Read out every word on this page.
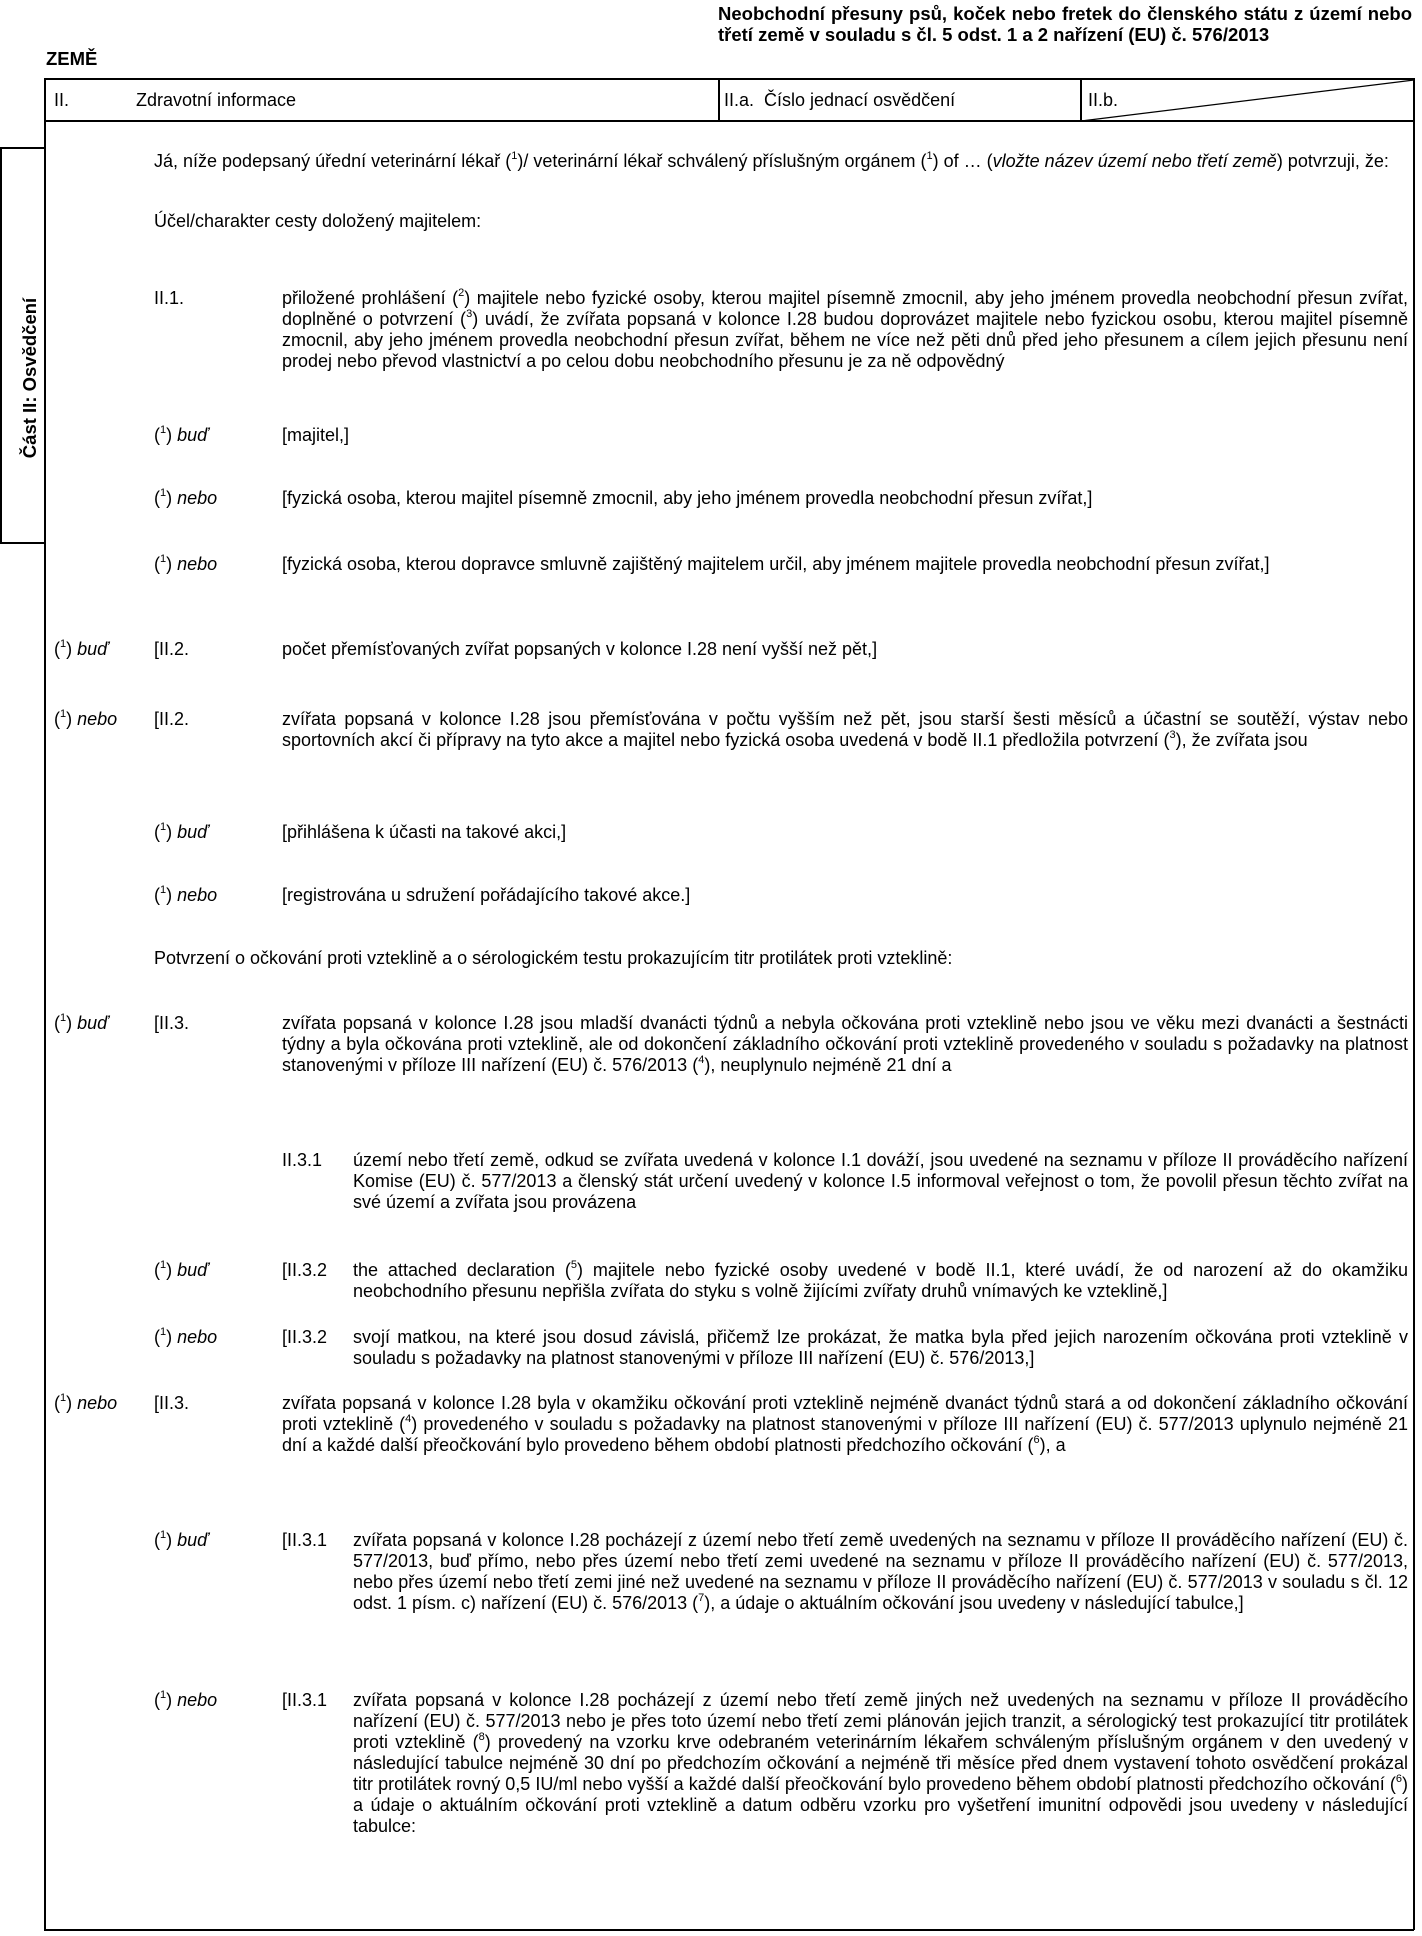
ZEMĚ
Neobchodní přesuny psů, koček nebo fretek do členského státu z území nebo třetí země v souladu s čl. 5 odst. 1 a 2 nařízení (EU) č. 576/2013
II.	Zdravotní informace	II.a.  Číslo jednací osvědčení	II.b.
Část II: Osvědčení
Já, níže podepsaný úřední veterinární lékař ($^1$)/ veterinární lékař schválený příslušným orgánem ($^1$) of … (vložte název území nebo třetí země) potvrzuji, že:
Účel/charakter cesty doložený majitelem:
II.1.	přiložené prohlášení ($^2$) majitele nebo fyzické osoby, kterou majitel písemně zmocnil, aby jeho jménem provedla neobchodní přesun zvířat, doplněné o potvrzení ($^3$) uvádí, že zvířata popsaná v kolonce I.28 budou doprovázet majitele nebo fyzickou osobu, kterou majitel písemně zmocnil, aby jeho jménem provedla neobchodní přesun zvířat, během ne více než pěti dnů před jeho přesunem a cílem jejich přesunu není prodej nebo převod vlastnictví a po celou dobu neobchodního přesunu je za ně odpovědný
($^1$) buď	[majitel,]
($^1$) nebo	[fyzická osoba, kterou majitel písemně zmocnil, aby jeho jménem provedla neobchodní přesun zvířat,]
($^1$) nebo	[fyzická osoba, kterou dopravce smluvně zajištěný majitelem určil, aby jménem majitele provedla neobchodní přesun zvířat,]
($^1$) buď	[II.2.	počet přemísťovaných zvířat popsaných v kolonce I.28 není vyšší než pět,]
($^1$) nebo [II.2.	zvířata popsaná v kolonce I.28 jsou přemísťována v počtu vyšším než pět, jsou starší šesti měsíců a účastní se soutěží, výstav nebo sportovních akcí či přípravy na tyto akce a majitel nebo fyzická osoba uvedená v bodě II.1 předložila potvrzení ($^3$), že zvířata jsou
($^1$) buď	[přihlášena k účasti na takové akci,]
($^1$) nebo	[registrována u sdružení pořádajícího takové akce.]
Potvrzení o očkování proti vzteklině a o sérologickém testu prokazujícím titr protilátek proti vzteklině:
($^1$) buď	[II.3.	zvířata popsaná v kolonce I.28 jsou mladší dvanácti týdnů a nebyla očkována proti vzteklině nebo jsou ve věku mezi dvanácti a šestnácti týdny a byla očkována proti vzteklině, ale od dokončení základního očkování proti vzteklině provedeného v souladu s požadavky na platnost stanovenými v příloze III nařízení (EU) č. 576/2013 ($^4$), neuplynulo nejméně 21 dní a
II.3.1 území nebo třetí země, odkud se zvířata uvedená v kolonce I.1 dováží, jsou uvedené na seznamu v příloze II prováděcího nařízení Komise (EU) č. 577/2013 a členský stát určení uvedený v kolonce I.5 informoval veřejnost o tom, že povolil přesun těchto zvířat na své území a zvířata jsou provázena
($^1$) buď	[II.3.2 the attached declaration ($^5$) majitele nebo fyzické osoby uvedené v bodě II.1, které uvádí, že od narození až do okamžiku neobchodního přesunu nepřišla zvířata do styku s volně žijícími zvířaty druhů vnímavých ke vzteklině,]
($^1$) nebo	[II.3.2 svojí matkou, na které jsou dosud závislá, přičemž lze prokázat, že matka byla před jejich narozením očkována proti vzteklině v souladu s požadavky na platnost stanovenými v příloze III nařízení (EU) č. 576/2013,]
($^1$) nebo [II.3.	zvířata popsaná v kolonce I.28 byla v okamžiku očkování proti vzteklině nejméně dvanáct týdnů stará a od dokončení základního očkování proti vzteklině ($^4$) provedeného v souladu s požadavky na platnost stanovenými v příloze III nařízení (EU) č. 577/2013 uplynulo nejméně 21 dní a každé další přeočkování bylo provedeno během období platnosti předchozího očkování ($^6$), a
($^1$) buď	[II.3.1 zvířata popsaná v kolonce I.28 pocházejí z území nebo třetí země uvedených na seznamu v příloze II prováděcího nařízení (EU) č. 577/2013, buď přímo, nebo přes území nebo třetí zemi uvedené na seznamu v příloze II prováděcího nařízení (EU) č. 577/2013, nebo přes území nebo třetí zemi jiné než uvedené na seznamu v příloze II prováděcího nařízení (EU) č. 577/2013 v souladu s čl. 12 odst. 1 písm. c) nařízení (EU) č. 576/2013 ($^7$), a údaje o aktuálním očkování jsou uvedeny v následující tabulce,]
($^1$) nebo	[II.3.1 zvířata popsaná v kolonce I.28 pocházejí z území nebo třetí země jiných než uvedených na seznamu v příloze II prováděcího nařízení (EU) č. 577/2013 nebo je přes toto území nebo třetí zemi plánován jejich tranzit, a sérologický test prokazující titr protilátek proti vzteklině ($^8$) provedený na vzorku krve odebraném veterinárním lékařem schváleným příslušným orgánem v den uvedený v následující tabulce nejméně 30 dní po předchozím očkování a nejméně tři měsíce před dnem vystavení tohoto osvědčení prokázal titr protilátek rovný 0,5 IU/ml nebo vyšší a každé další přeočkování bylo provedeno během období platnosti předchozího očkování ($^6$) a údaje o aktuálním očkování proti vzteklině a datum odběru vzorku pro vyšetření imunitní odpovědi jsou uvedeny v následující tabulce:
